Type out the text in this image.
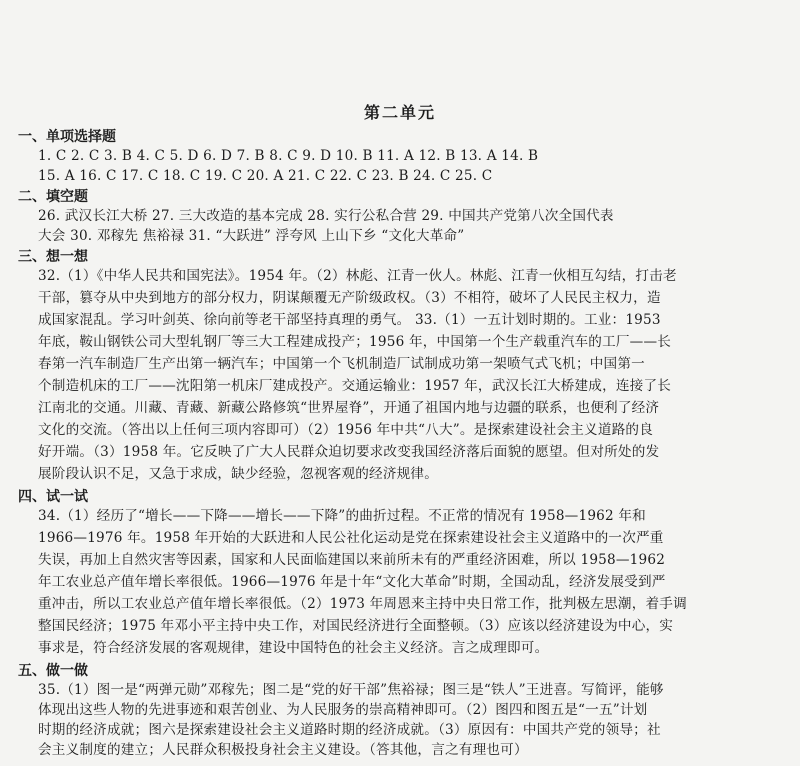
第二单元
一、单项选择题
1. C 2. C 3. B 4. C 5. D 6. D 7. B 8. C 9. D 10. B 11. A 12. B 13. A 14. B
15. A 16. C 17. C 18. C 19. C 20. A 21. C 22. C 23. B 24. C 25. C
二、填空题
26. 武汉长江大桥 27. 三大改造的基本完成 28. 实行公私合营 29. 中国共产党第八次全国代表
大会 30. 邓稼先 焦裕禄 31. “大跃进” 浮夸风 上山下乡 “文化大革命”
三、想一想
32.（1）《中华人民共和国宪法》。1954 年。（2）林彪、江青一伙人。林彪、江青一伙相互勾结，打击老
干部，篡夺从中央到地方的部分权力，阴谋颠覆无产阶级政权。（3）不相符，破坏了人民民主权力，造
成国家混乱。学习叶剑英、徐向前等老干部坚持真理的勇气。 33.（1）一五计划时期的。工业：1953
年底，鞍山钢铁公司大型轧钢厂等三大工程建成投产；1956 年，中国第一个生产载重汽车的工厂——长
春第一汽车制造厂生产出第一辆汽车；中国第一个飞机制造厂试制成功第一架喷气式飞机；中国第一
个制造机床的工厂——沈阳第一机床厂建成投产。交通运输业：1957 年，武汉长江大桥建成，连接了长
江南北的交通。川藏、青藏、新藏公路修筑“世界屋脊”，开通了祖国内地与边疆的联系，也便利了经济
文化的交流。（答出以上任何三项内容即可）（2）1956 年中共“八大”。是探索建设社会主义道路的良
好开端。（3）1958 年。它反映了广大人民群众迫切要求改变我国经济落后面貌的愿望。但对所处的发
展阶段认识不足，又急于求成，缺少经验，忽视客观的经济规律。
四、试一试
34.（1）经历了“增长——下降——增长——下降”的曲折过程。不正常的情况有 1958—1962 年和
1966—1976 年。1958 年开始的大跃进和人民公社化运动是党在探索建设社会主义道路中的一次严重
失误，再加上自然灾害等因素，国家和人民面临建国以来前所未有的严重经济困难，所以 1958—1962
年工农业总产值年增长率很低。1966—1976 年是十年“文化大革命”时期，全国动乱，经济发展受到严
重冲击，所以工农业总产值年增长率很低。（2）1973 年周恩来主持中央日常工作，批判极左思潮，着手调
整国民经济；1975 年邓小平主持中央工作，对国民经济进行全面整顿。（3）应该以经济建设为中心，实
事求是，符合经济发展的客观规律，建设中国特色的社会主义经济。言之成理即可。
五、做一做
35.（1）图一是“两弹元勋”邓稼先；图二是“党的好干部”焦裕禄；图三是“铁人”王进喜。写简评，能够
体现出这些人物的先进事迹和艰苦创业、为人民服务的崇高精神即可。（2）图四和图五是“一五”计划
时期的经济成就；图六是探索建设社会主义道路时期的经济成就。（3）原因有：中国共产党的领导；社
会主义制度的建立；人民群众积极投身社会主义建设。（答其他，言之有理也可）
